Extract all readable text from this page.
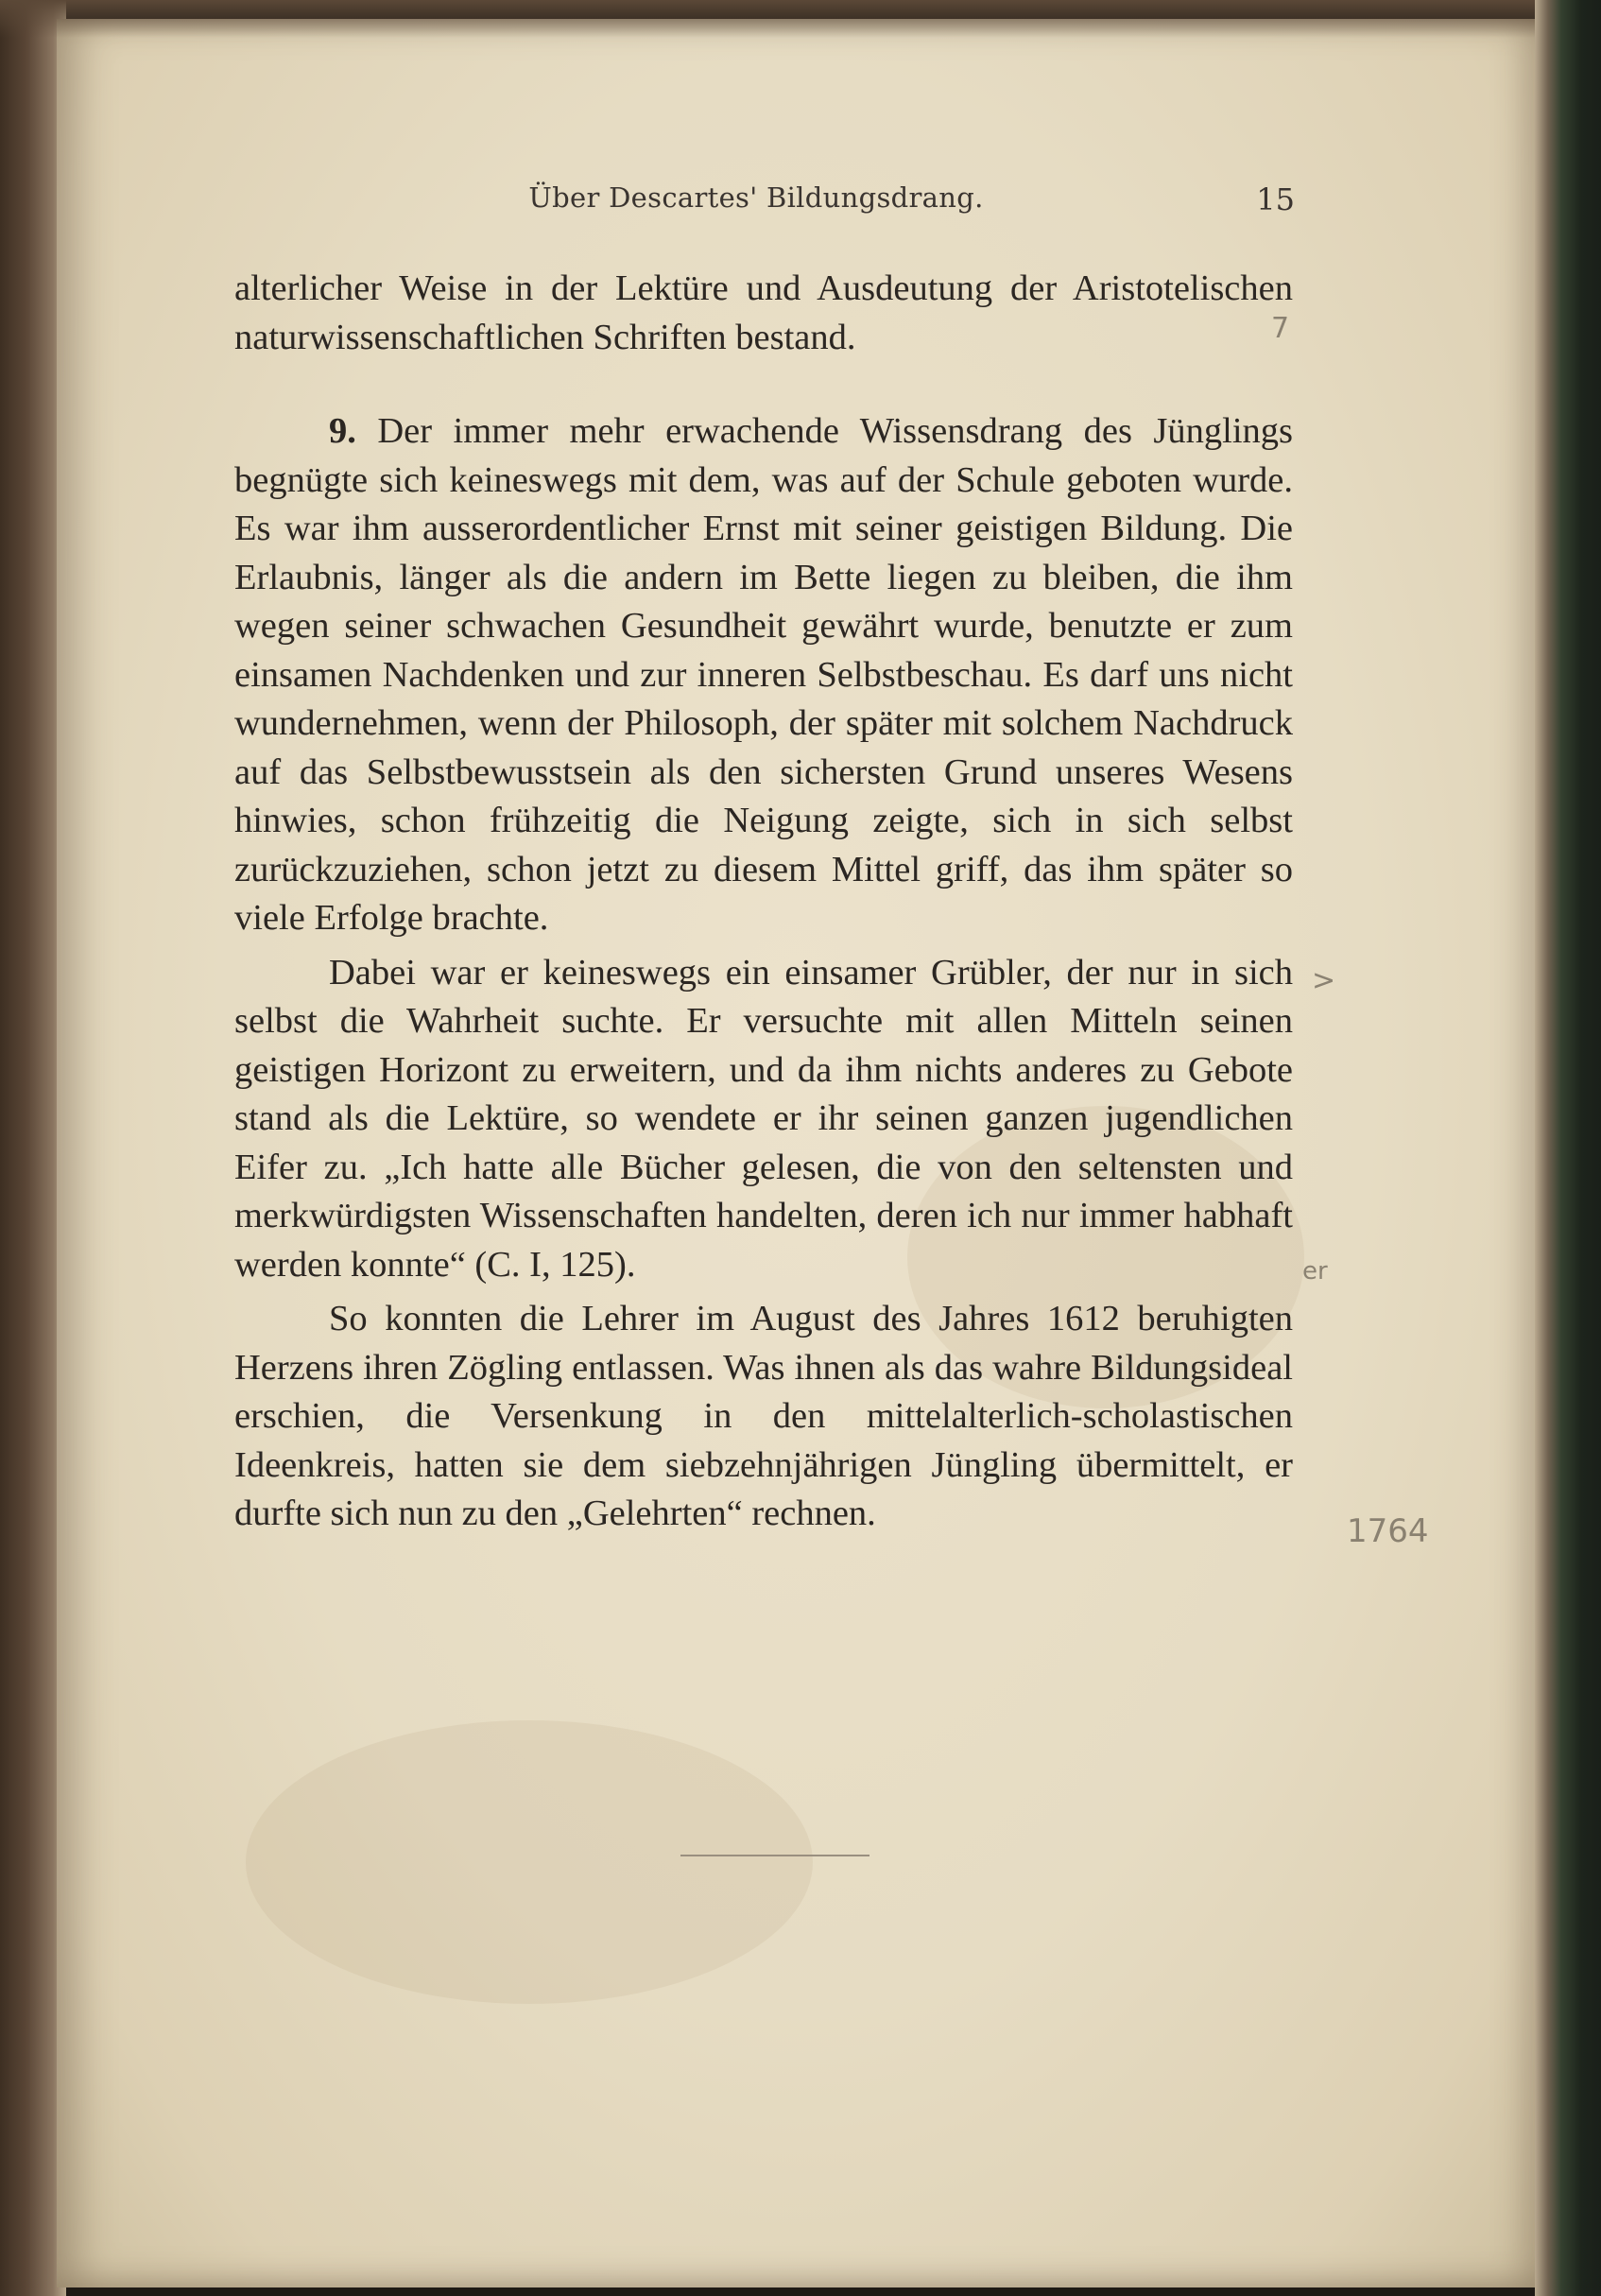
Über Descartes' Bildungsdrang.	15

alterlicher Weise in der Lektüre und Ausdeutung der Aristotelischen naturwissenschaftlichen Schriften bestand.

9. Der immer mehr erwachende Wissensdrang des Jünglings begnügte sich keineswegs mit dem, was auf der Schule geboten wurde. Es war ihm ausserordentlicher Ernst mit seiner geistigen Bildung. Die Erlaubnis, länger als die andern im Bette liegen zu bleiben, die ihm wegen seiner schwachen Gesundheit gewährt wurde, benutzte er zum einsamen Nachdenken und zur inneren Selbstbeschau. Es darf uns nicht wundernehmen, wenn der Philosoph, der später mit solchem Nachdruck auf das Selbstbewusstsein als den sichersten Grund unseres Wesens hinwies, schon frühzeitig die Neigung zeigte, sich in sich selbst zurückzuziehen, schon jetzt zu diesem Mittel griff, das ihm später so viele Erfolge brachte.

Dabei war er keineswegs ein einsamer Grübler, der nur in sich selbst die Wahrheit suchte. Er versuchte mit allen Mitteln seinen geistigen Horizont zu erweitern, und da ihm nichts anderes zu Gebote stand als die Lektüre, so wendete er ihr seinen ganzen jugendlichen Eifer zu. „Ich hatte alle Bücher gelesen, die von den seltensten und merkwürdigsten Wissenschaften handelten, deren ich nur immer habhaft werden konnte“ (C. I, 125).

So konnten die Lehrer im August des Jahres 1612 beruhigten Herzens ihren Zögling entlassen. Was ihnen als das wahre Bildungsideal erschien, die Versenkung in den mittelalterlich-scholastischen Ideenkreis, hatten sie dem siebzehnjährigen Jüngling übermittelt, er durfte sich nun zu den „Gelehrten“ rechnen.

7
>
er
1764
